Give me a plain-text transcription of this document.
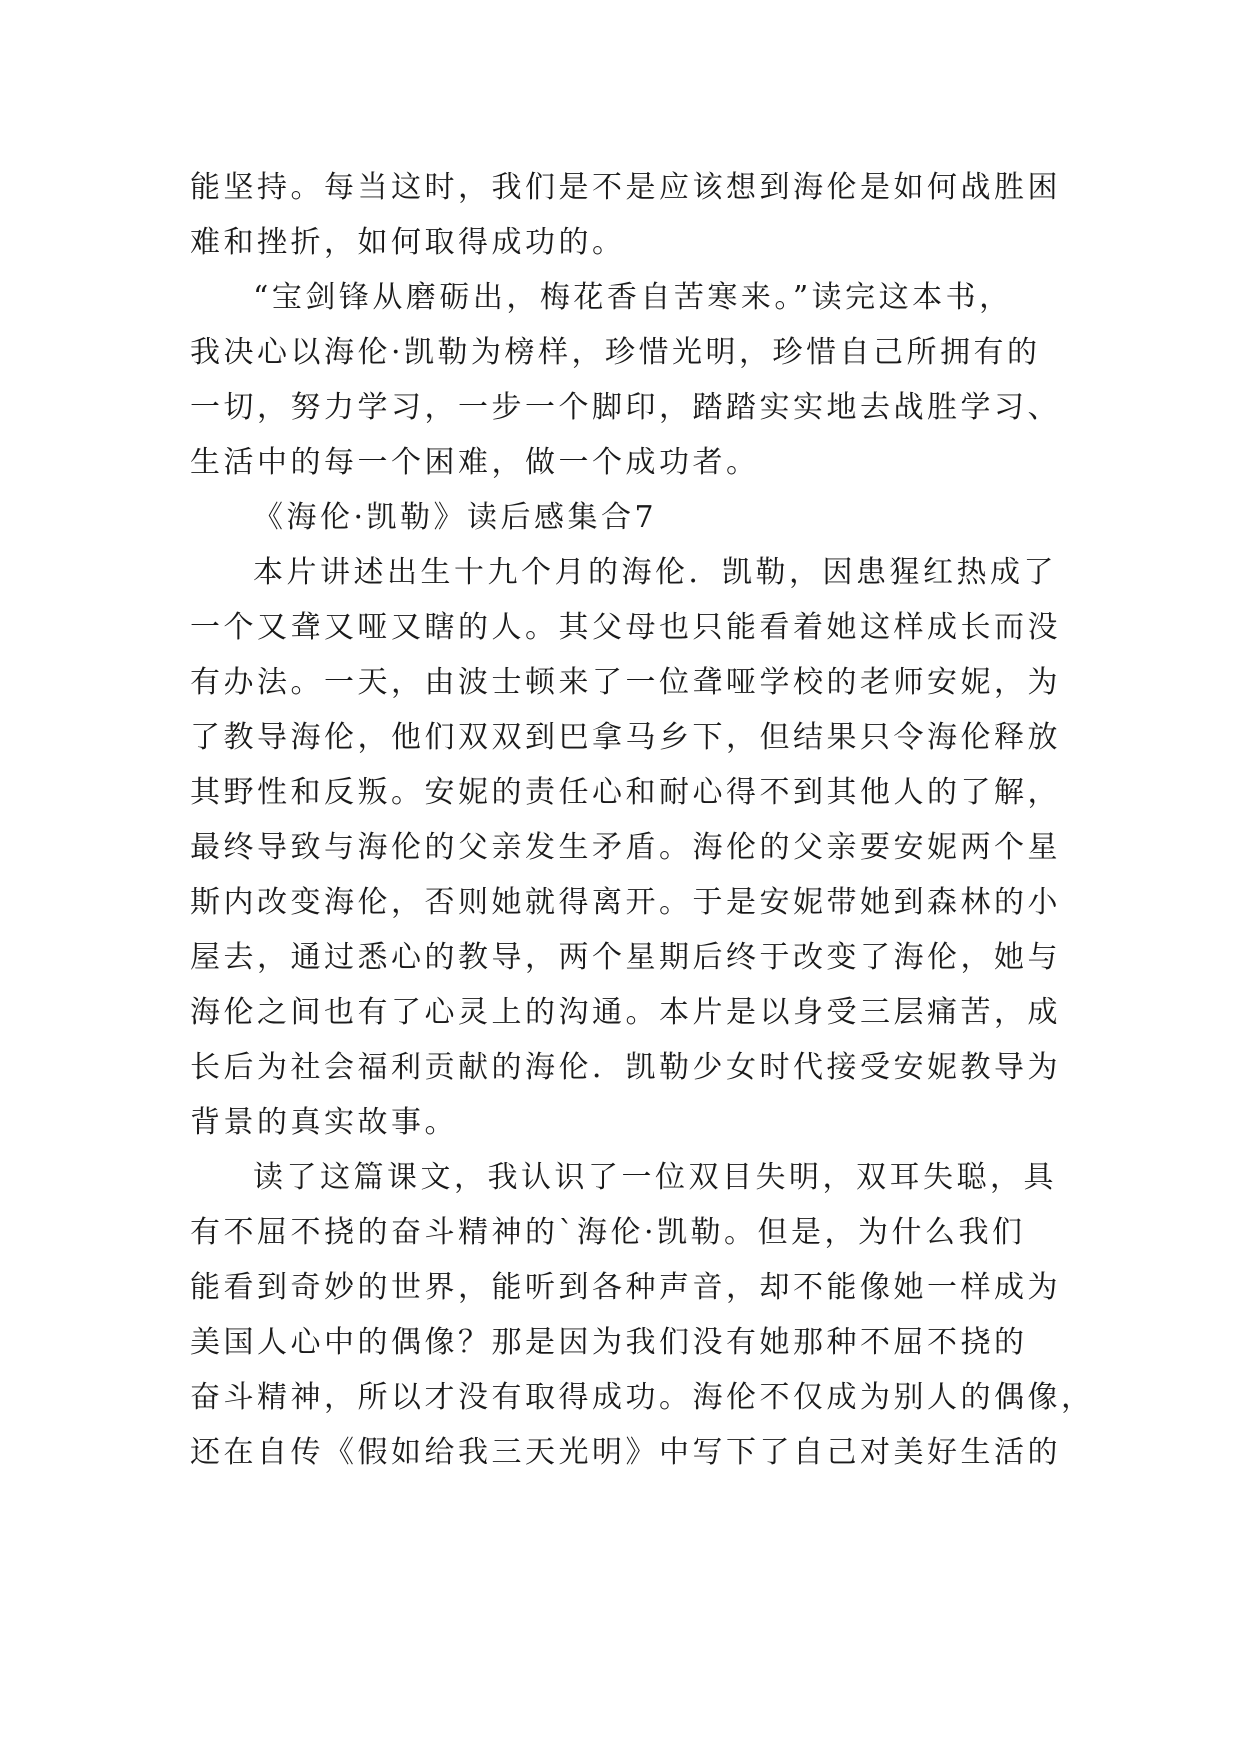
能坚持。每当这时，我们是不是应该想到海伦是如何战胜困
难和挫折，如何取得成功的。
“宝剑锋从磨砺出，梅花香自苦寒来。”读完这本书，
我决心以海伦·凯勒为榜样，珍惜光明，珍惜自己所拥有的
一切，努力学习，一步一个脚印，踏踏实实地去战胜学习、
生活中的每一个困难，做一个成功者。
《海伦·凯勒》读后感集合7
本片讲述出生十九个月的海伦．凯勒，因患猩红热成了
一个又聋又哑又瞎的人。其父母也只能看着她这样成长而没
有办法。一天，由波士顿来了一位聋哑学校的老师安妮，为
了教导海伦，他们双双到巴拿马乡下，但结果只令海伦释放
其野性和反叛。安妮的责任心和耐心得不到其他人的了解，
最终导致与海伦的父亲发生矛盾。海伦的父亲要安妮两个星
斯内改变海伦，否则她就得离开。于是安妮带她到森林的小
屋去，通过悉心的教导，两个星期后终于改变了海伦，她与
海伦之间也有了心灵上的沟通。本片是以身受三层痛苦，成
长后为社会福利贡献的海伦．凯勒少女时代接受安妮教导为
背景的真实故事。
读了这篇课文，我认识了一位双目失明，双耳失聪，具
有不屈不挠的奋斗精神的`海伦·凯勒。但是，为什么我们
能看到奇妙的世界，能听到各种声音，却不能像她一样成为
美国人心中的偶像？那是因为我们没有她那种不屈不挠的
奋斗精神，所以才没有取得成功。海伦不仅成为别人的偶像，
还在自传《假如给我三天光明》中写下了自己对美好生活的
